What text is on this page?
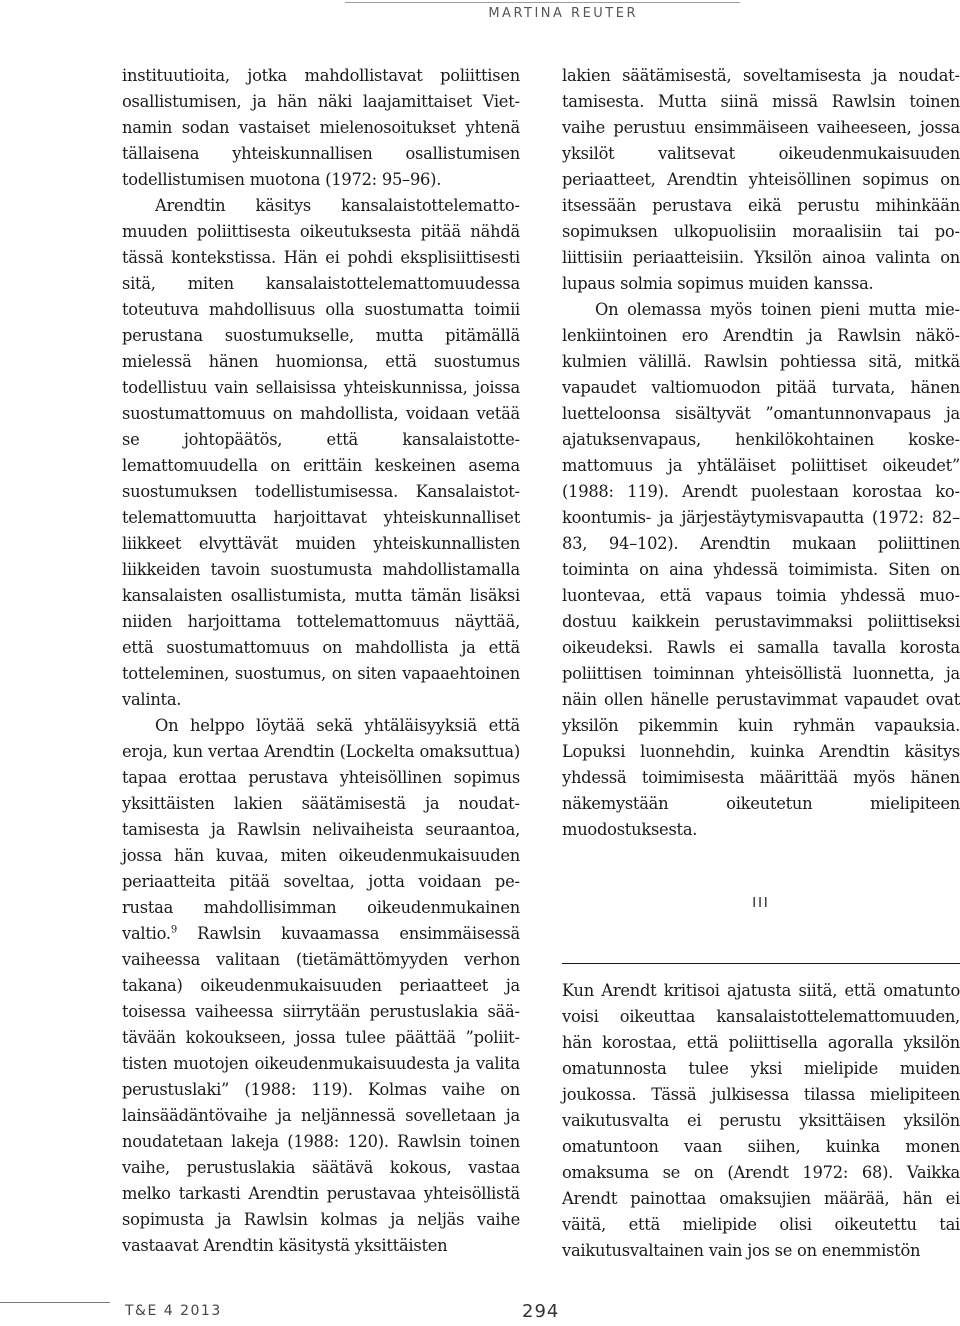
MARTINA REUTER

instituutioita, jotka mahdollistavat poliittisen osallistumisen, ja hän näki laajamittaiset Vietnamin sodan vastaiset mielenosoitukset yhtenä tällaisena yhteiskunnallisen osallistumisen todellistumisen muotona (1972: 95–96).

Arendtin käsitys kansalaistottelemattomuuden poliittisesta oikeutuksesta pitää nähdä tässä kontekstissa. Hän ei pohdi eksplisiittisesti sitä, miten kansalaistottelemattomuudessa toteutuva mahdollisuus olla suostumatta toimii perustana suostumukselle, mutta pitämällä mielessä hänen huomionsa, että suostumus todellistuu vain sellaisissa yhteiskunnissa, joissa suostumattomuus on mahdollista, voidaan vetää se johtopäätös, että kansalaistottelemattomuudella on erittäin keskeinen asema suostumuksen todellistumisessa. Kansalaistottelemattomuutta harjoittavat yhteiskunnalliset liikkeet elvyttävät muiden yhteiskunnallisten liikkeiden tavoin suostumusta mahdollistamalla kansalaisten osallistumista, mutta tämän lisäksi niiden harjoittama tottelemattomuus näyttää, että suostumattomuus on mahdollista ja että totteleminen, suostumus, on siten vapaaehtoinen valinta.

On helppo löytää sekä yhtäläisyyksiä että eroja, kun vertaa Arendtin (Lockelta omaksuttua) tapaa erottaa perustava yhteisöllinen sopimus yksittäisten lakien säätämisestä ja noudattamisesta ja Rawlsin nelivaiheista seuraantoa, jossa hän kuvaa, miten oikeudenmukaisuuden periaatteita pitää soveltaa, jotta voidaan perustaa mahdollisimman oikeudenmukainen valtio.$^9$ Rawlsin kuvaamassa ensimmäisessä vaiheessa valitaan (tietämättömyyden verhon takana) oikeudenmukaisuuden periaatteet ja toisessa vaiheessa siirrytään perustuslakia säätävään kokoukseen, jossa tulee päättää ”poliittisten muotojen oikeudenmukaisuudesta ja valita perustuslaki” (1988: 119). Kolmas vaihe on lainsäädäntövaihe ja neljännessä sovelletaan ja noudatetaan lakeja (1988: 120). Rawlsin toinen vaihe, perustuslakia säätävä kokous, vastaa melko tarkasti Arendtin perustavaa yhteisöllistä sopimusta ja Rawlsin kolmas ja neljäs vaihe vastaavat Arendtin käsitystä yksittäisten

lakien säätämisestä, soveltamisesta ja noudattamisesta. Mutta siinä missä Rawlsin toinen vaihe perustuu ensimmäiseen vaiheeseen, jossa yksilöt valitsevat oikeudenmukaisuuden periaatteet, Arendtin yhteisöllinen sopimus on itsessään perustava eikä perustu mihinkään sopimuksen ulkopuolisiin moraalisiin tai poliittisiin periaatteisiin. Yksilön ainoa valinta on lupaus solmia sopimus muiden kanssa.

On olemassa myös toinen pieni mutta mielenkiintoinen ero Arendtin ja Rawlsin näkökulmien välillä. Rawlsin pohtiessa sitä, mitkä vapaudet valtiomuodon pitää turvata, hänen luetteloonsa sisältyvät ”omantunnonvapaus ja ajatuksenvapaus, henkilökohtainen koskemattomuus ja yhtäläiset poliittiset oikeudet” (1988: 119). Arendt puolestaan korostaa kokoontumis- ja järjestäytymisvapautta (1972: 82–83, 94–102). Arendtin mukaan poliittinen toiminta on aina yhdessä toimimista. Siten on luontevaa, että vapaus toimia yhdessä muodostuu kaikkein perustavimmaksi poliittiseksi oikeudeksi. Rawls ei samalla tavalla korosta poliittisen toiminnan yhteisöllistä luonnetta, ja näin ollen hänelle perustavimmat vapaudet ovat yksilön pikemmin kuin ryhmän vapauksia. Lopuksi luonnehdin, kuinka Arendtin käsitys yhdessä toimimisesta määrittää myös hänen näkemystään oikeutetun mielipiteen muodostuksesta.

III

Kun Arendt kritisoi ajatusta siitä, että omatunto voisi oikeuttaa kansalaistottelemattomuuden, hän korostaa, että poliittisella agoralla yksilön omatunnosta tulee yksi mielipide muiden joukossa. Tässä julkisessa tilassa mielipiteen vaikutusvalta ei perustu yksittäisen yksilön omatuntoon vaan siihen, kuinka monen omaksuma se on (Arendt 1972: 68). Vaikka Arendt painottaa omaksujien määrää, hän ei väitä, että mielipide olisi oikeutettu tai vaikutusvaltainen vain jos se on enemmistön

T&E 4 2013	294
